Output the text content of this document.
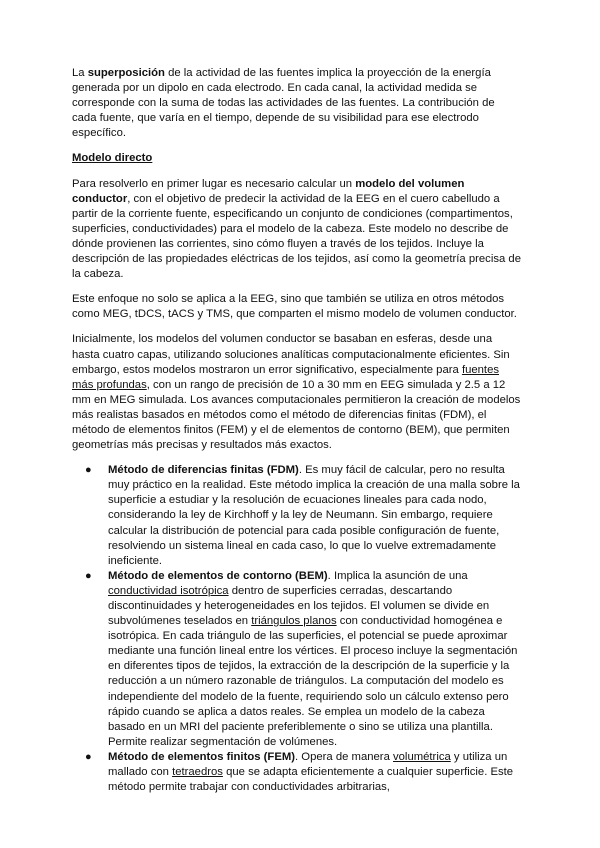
La superposición de la actividad de las fuentes implica la proyección de la energía generada por un dipolo en cada electrodo. En cada canal, la actividad medida se corresponde con la suma de todas las actividades de las fuentes. La contribución de cada fuente, que varía en el tiempo, depende de su visibilidad para ese electrodo específico.

Modelo directo

Para resolverlo en primer lugar es necesario calcular un modelo del volumen conductor, con el objetivo de predecir la actividad de la EEG en el cuero cabelludo a partir de la corriente fuente, especificando un conjunto de condiciones (compartimentos, superficies, conductividades) para el modelo de la cabeza. Este modelo no describe de dónde provienen las corrientes, sino cómo fluyen a través de los tejidos. Incluye la descripción de las propiedades eléctricas de los tejidos, así como la geometría precisa de la cabeza.

Este enfoque no solo se aplica a la EEG, sino que también se utiliza en otros métodos como MEG, tDCS, tACS y TMS, que comparten el mismo modelo de volumen conductor.

Inicialmente, los modelos del volumen conductor se basaban en esferas, desde una hasta cuatro capas, utilizando soluciones analíticas computacionalmente eficientes. Sin embargo, estos modelos mostraron un error significativo, especialmente para fuentes más profundas, con un rango de precisión de 10 a 30 mm en EEG simulada y 2.5 a 12 mm en MEG simulada. Los avances computacionales permitieron la creación de modelos más realistas basados en métodos como el método de diferencias finitas (FDM), el método de elementos finitos (FEM) y el de elementos de contorno (BEM), que permiten geometrías más precisas y resultados más exactos.

● Método de diferencias finitas (FDM). Es muy fácil de calcular, pero no resulta muy práctico en la realidad. Este método implica la creación de una malla sobre la superficie a estudiar y la resolución de ecuaciones lineales para cada nodo, considerando la ley de Kirchhoff y la ley de Neumann. Sin embargo, requiere calcular la distribución de potencial para cada posible configuración de fuente, resolviendo un sistema lineal en cada caso, lo que lo vuelve extremadamente ineficiente.
● Método de elementos de contorno (BEM). Implica la asunción de una conductividad isotrópica dentro de superficies cerradas, descartando discontinuidades y heterogeneidades en los tejidos. El volumen se divide en subvolúmenes teselados en triángulos planos con conductividad homogénea e isotrópica. En cada triángulo de las superficies, el potencial se puede aproximar mediante una función lineal entre los vértices. El proceso incluye la segmentación en diferentes tipos de tejidos, la extracción de la descripción de la superficie y la reducción a un número razonable de triángulos. La computación del modelo es independiente del modelo de la fuente, requiriendo solo un cálculo extenso pero rápido cuando se aplica a datos reales. Se emplea un modelo de la cabeza basado en un MRI del paciente preferiblemente o sino se utiliza una plantilla. Permite realizar segmentación de volúmenes.
● Método de elementos finitos (FEM). Opera de manera volumétrica y utiliza un mallado con tetraedros que se adapta eficientemente a cualquier superficie. Este método permite trabajar con conductividades arbitrarias,
